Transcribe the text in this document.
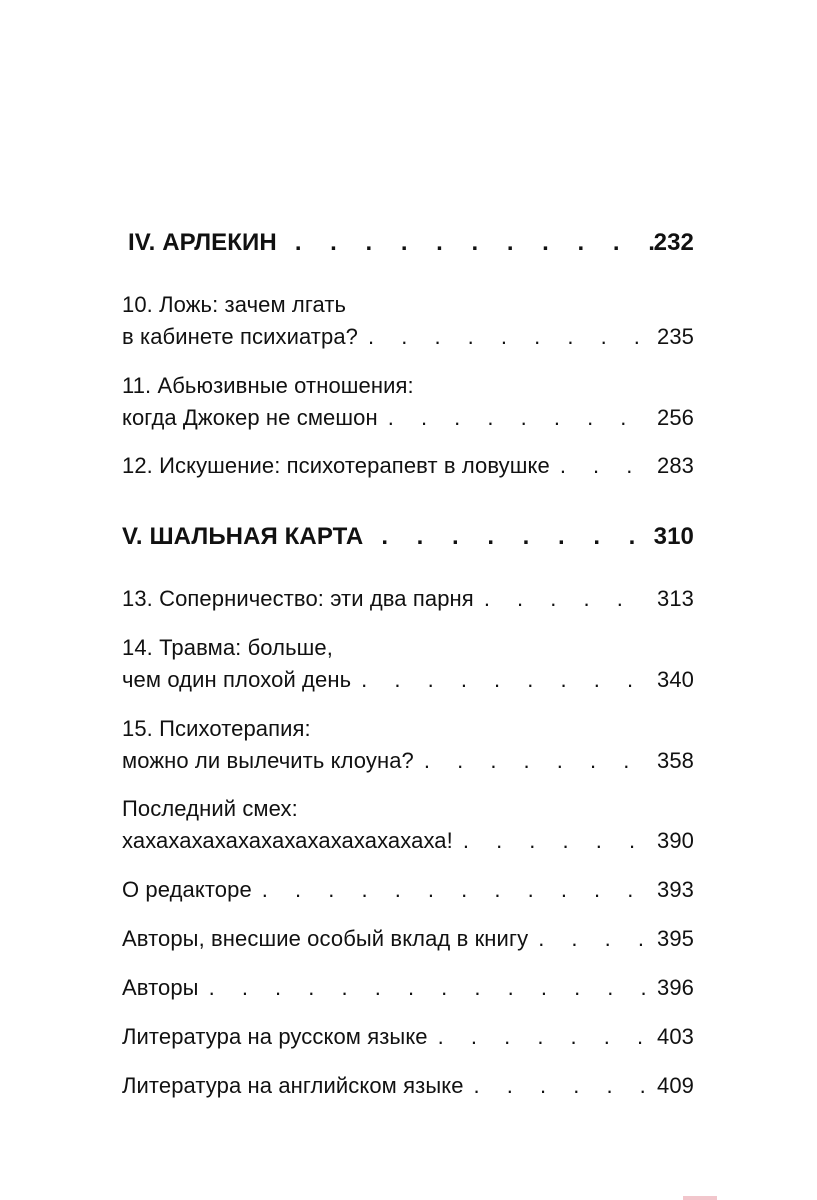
IV. АРЛЕКИН . . .	232
10. Ложь: зачем лгать
в кабинете психиатра? . . .	235
11. Абьюзивные отношения:
когда Джокер не смешон . . .	256
12. Искушение: психотерапевт в ловушке . . .	283
V. ШАЛЬНАЯ КАРТА . . .	310
13. Соперничество: эти два парня . . .	313
14. Травма: больше,
чем один плохой день . . .	340
15. Психотерапия:
можно ли вылечить клоуна? . . .	358
Последний смех:
хахахахахахахахахахахахахаха! . . .	390
О редакторе . . .	393
Авторы, внесшие особый вклад в книгу . . .	395
Авторы . . .	396
Литература на русском языке . . .	403
Литература на английском языке . . .	409
